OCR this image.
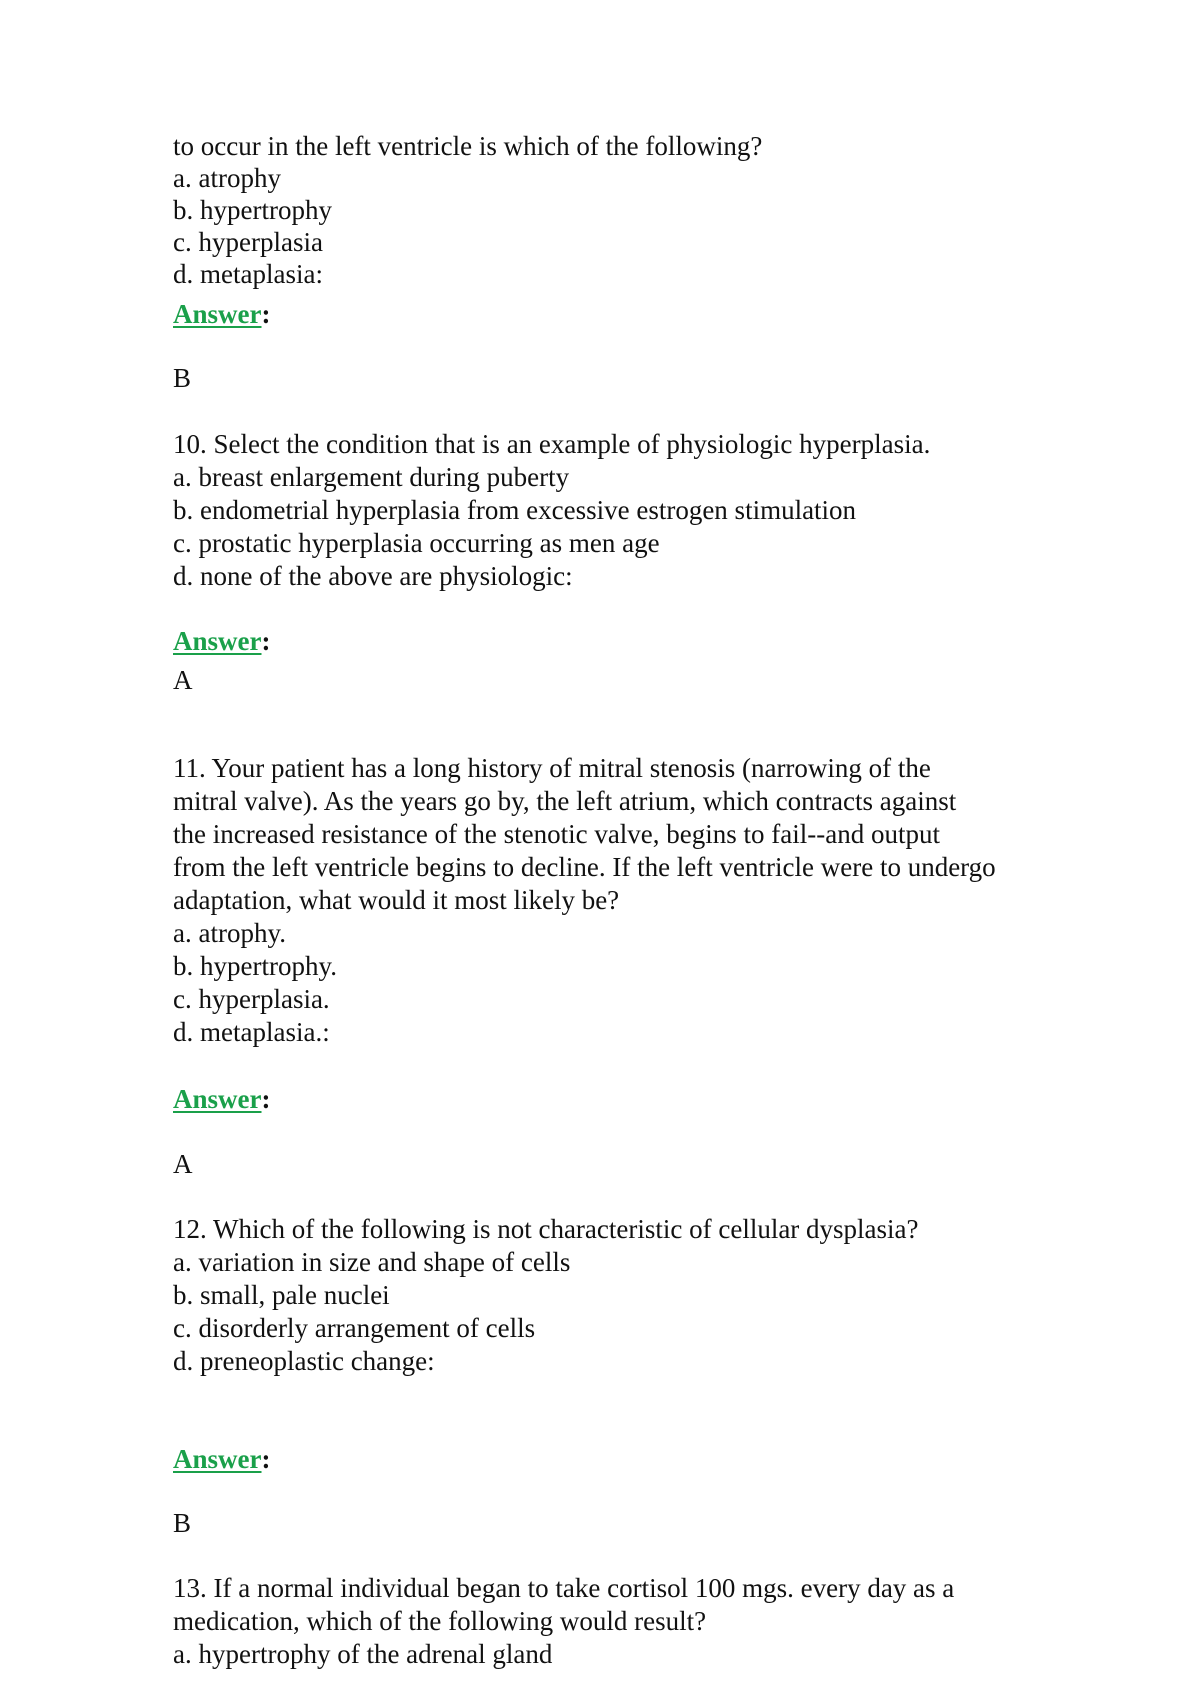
to occur in the left ventricle is which of the following?
a. atrophy
b. hypertrophy
c. hyperplasia
d. metaplasia:
Answer:
B
10. Select the condition that is an example of physiologic hyperplasia.
a. breast enlargement during puberty
b. endometrial hyperplasia from excessive estrogen stimulation
c. prostatic hyperplasia occurring as men age
d. none of the above are physiologic:
Answer:
A
11. Your patient has a long history of mitral stenosis (narrowing of the
mitral valve). As the years go by, the left atrium, which contracts against
the increased resistance of the stenotic valve, begins to fail--and output
from the left ventricle begins to decline. If the left ventricle were to undergo
adaptation, what would it most likely be?
a. atrophy.
b. hypertrophy.
c. hyperplasia.
d. metaplasia.:
Answer:
A
12. Which of the following is not characteristic of cellular dysplasia?
a. variation in size and shape of cells
b. small, pale nuclei
c. disorderly arrangement of cells
d. preneoplastic change:
Answer:
B
13. If a normal individual began to take cortisol 100 mgs. every day as a
medication, which of the following would result?
a. hypertrophy of the adrenal gland
